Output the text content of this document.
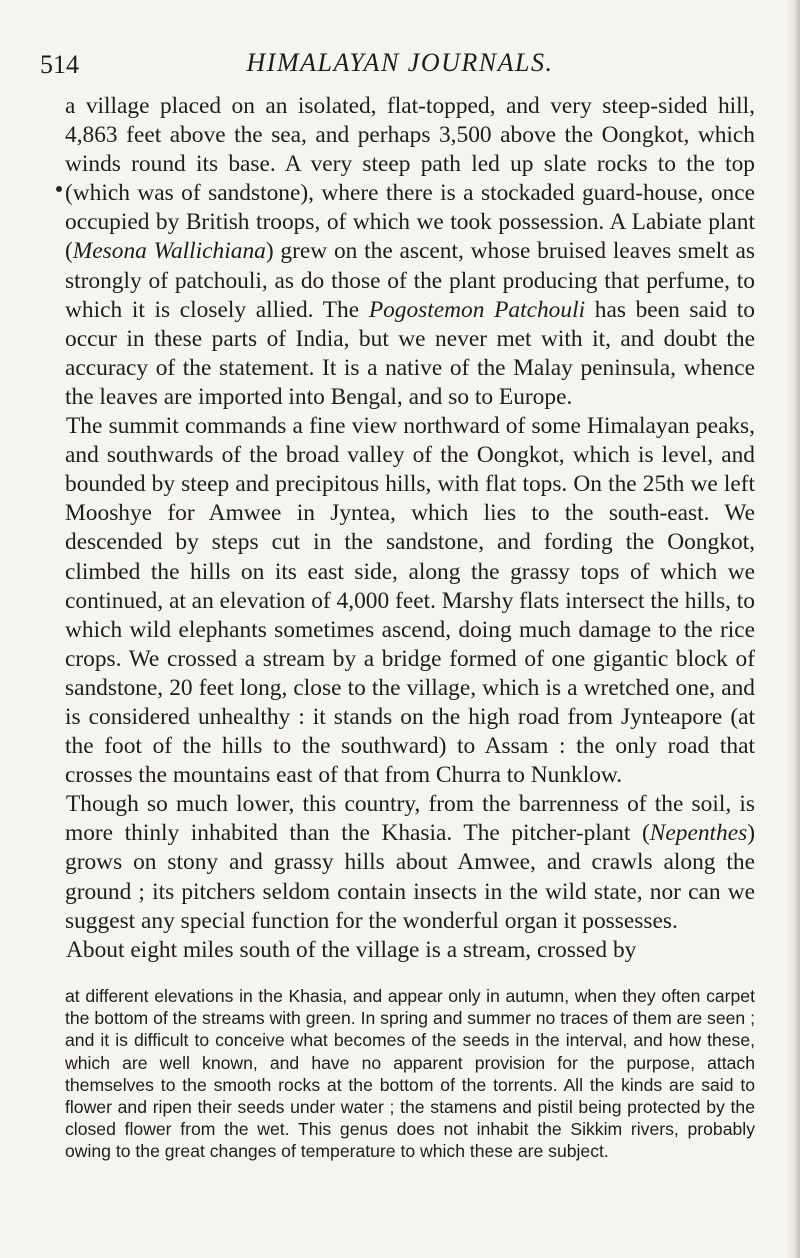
514	HIMALAYAN JOURNALS.

a village placed on an isolated, flat-topped, and very steep-sided hill, 4,863 feet above the sea, and perhaps 3,500 above the Oongkot, which winds round its base. A very steep path led up slate rocks to the top (which was of sandstone), where there is a stockaded guard-house, once occupied by British troops, of which we took possession. A Labiate plant (Mesona Wallichiana) grew on the ascent, whose bruised leaves smelt as strongly of patchouli, as do those of the plant producing that perfume, to which it is closely allied. The Pogostemon Patchouli has been said to occur in these parts of India, but we never met with it, and doubt the accuracy of the statement. It is a native of the Malay peninsula, whence the leaves are imported into Bengal, and so to Europe.

The summit commands a fine view northward of some Himalayan peaks, and southwards of the broad valley of the Oongkot, which is level, and bounded by steep and precipitous hills, with flat tops. On the 25th we left Mooshye for Amwee in Jyntea, which lies to the south-east. We descended by steps cut in the sandstone, and fording the Oongkot, climbed the hills on its east side, along the grassy tops of which we continued, at an elevation of 4,000 feet. Marshy flats intersect the hills, to which wild elephants sometimes ascend, doing much damage to the rice crops. We crossed a stream by a bridge formed of one gigantic block of sandstone, 20 feet long, close to the village, which is a wretched one, and is considered unhealthy : it stands on the high road from Jynteapore (at the foot of the hills to the southward) to Assam : the only road that crosses the mountains east of that from Churra to Nunklow.

Though so much lower, this country, from the barrenness of the soil, is more thinly inhabited than the Khasia. The pitcher-plant (Nepenthes) grows on stony and grassy hills about Amwee, and crawls along the ground ; its pitchers seldom contain insects in the wild state, nor can we suggest any special function for the wonderful organ it possesses.

About eight miles south of the village is a stream, crossed by

at different elevations in the Khasia, and appear only in autumn, when they often carpet the bottom of the streams with green. In spring and summer no traces of them are seen ; and it is difficult to conceive what becomes of the seeds in the interval, and how these, which are well known, and have no apparent provision for the purpose, attach themselves to the smooth rocks at the bottom of the torrents. All the kinds are said to flower and ripen their seeds under water ; the stamens and pistil being protected by the closed flower from the wet. This genus does not inhabit the Sikkim rivers, probably owing to the great changes of temperature to which these are subject.
